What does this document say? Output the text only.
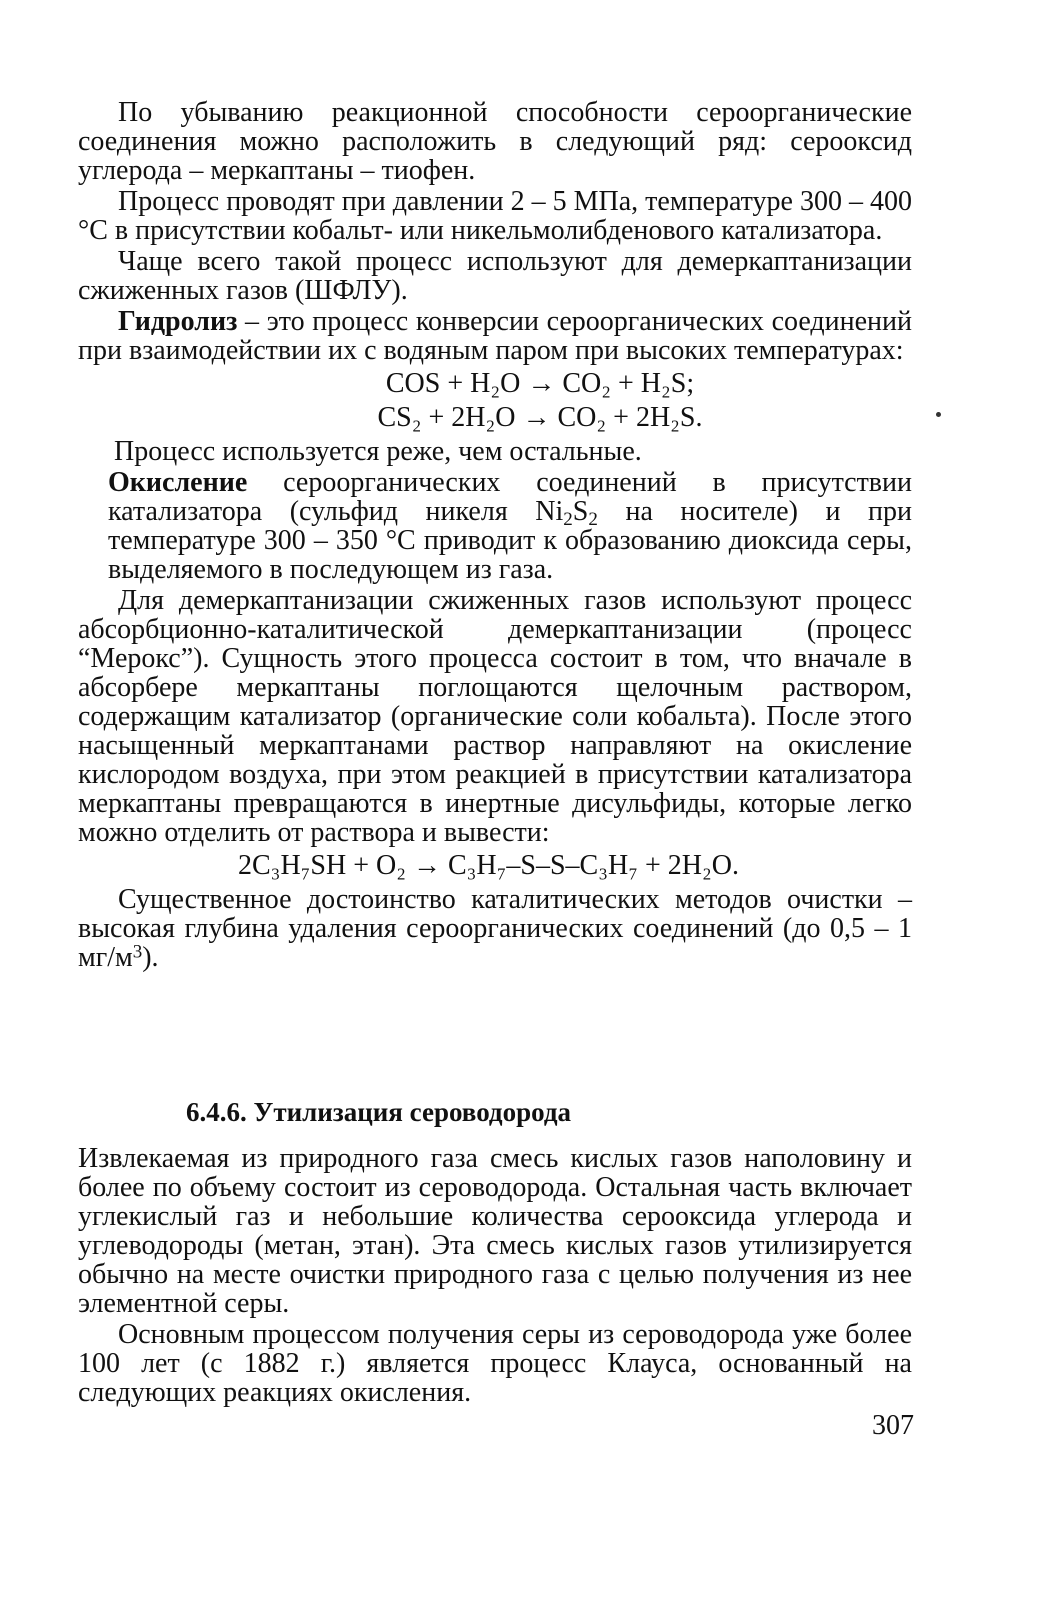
По убыванию реакционной способности сероорганические соединения можно расположить в следующий ряд: серооксид углерода – меркаптаны – тиофен.

Процесс проводят при давлении 2 – 5 МПа, температуре 300 – 400 °С в присутствии кобальт- или никельмолибденового катализатора.

Чаще всего такой процесс используют для демеркаптанизации сжиженных газов (ШФЛУ).

Гидролиз – это процесс конверсии сероорганических соединений при взаимодействии их с водяным паром при высоких температурах:

COS + H₂O → CO₂ + H₂S;
CS₂ + 2H₂O → CO₂ + 2H₂S.

Процесс используется реже, чем остальные.

Окисление сероорганических соединений в присутствии катализатора (сульфид никеля $Ni_2S_2$ на носителе) и при температуре 300 – 350 °С приводит к образованию диоксида серы, выделяемого в последующем из газа.

Для демеркаптанизации сжиженных газов используют процесс абсорбционно-каталитической демеркаптанизации (процесс “Мерокс”). Сущность этого процесса состоит в том, что вначале в абсорбере меркаптаны поглощаются щелочным раствором, содержащим катализатор (органические соли кобальта). После этого насыщенный меркаптанами раствор направляют на окисление кислородом воздуха, при этом реакцией в присутствии катализатора меркаптаны превращаются в инертные дисульфиды, которые легко можно отделить от раствора и вывести:

2C₃H₇SH + O₂ → C₃H₇–S–S–C₃H₇ + 2H₂O.

Существенное достоинство каталитических методов очистки – высокая глубина удаления сероорганических соединений (до 0,5 – 1 $мг/м^3$).

6.4.6. Утилизация сероводорода

Извлекаемая из природного газа смесь кислых газов наполовину и более по объему состоит из сероводорода. Остальная часть включает углекислый газ и небольшие количества серооксида углерода и углеводороды (метан, этан). Эта смесь кислых газов утилизируется обычно на месте очистки природного газа с целью получения из нее элементной серы.

Основным процессом получения серы из сероводорода уже более 100 лет (с 1882 г.) является процесс Клауса, основанный на следующих реакциях окисления.

307
